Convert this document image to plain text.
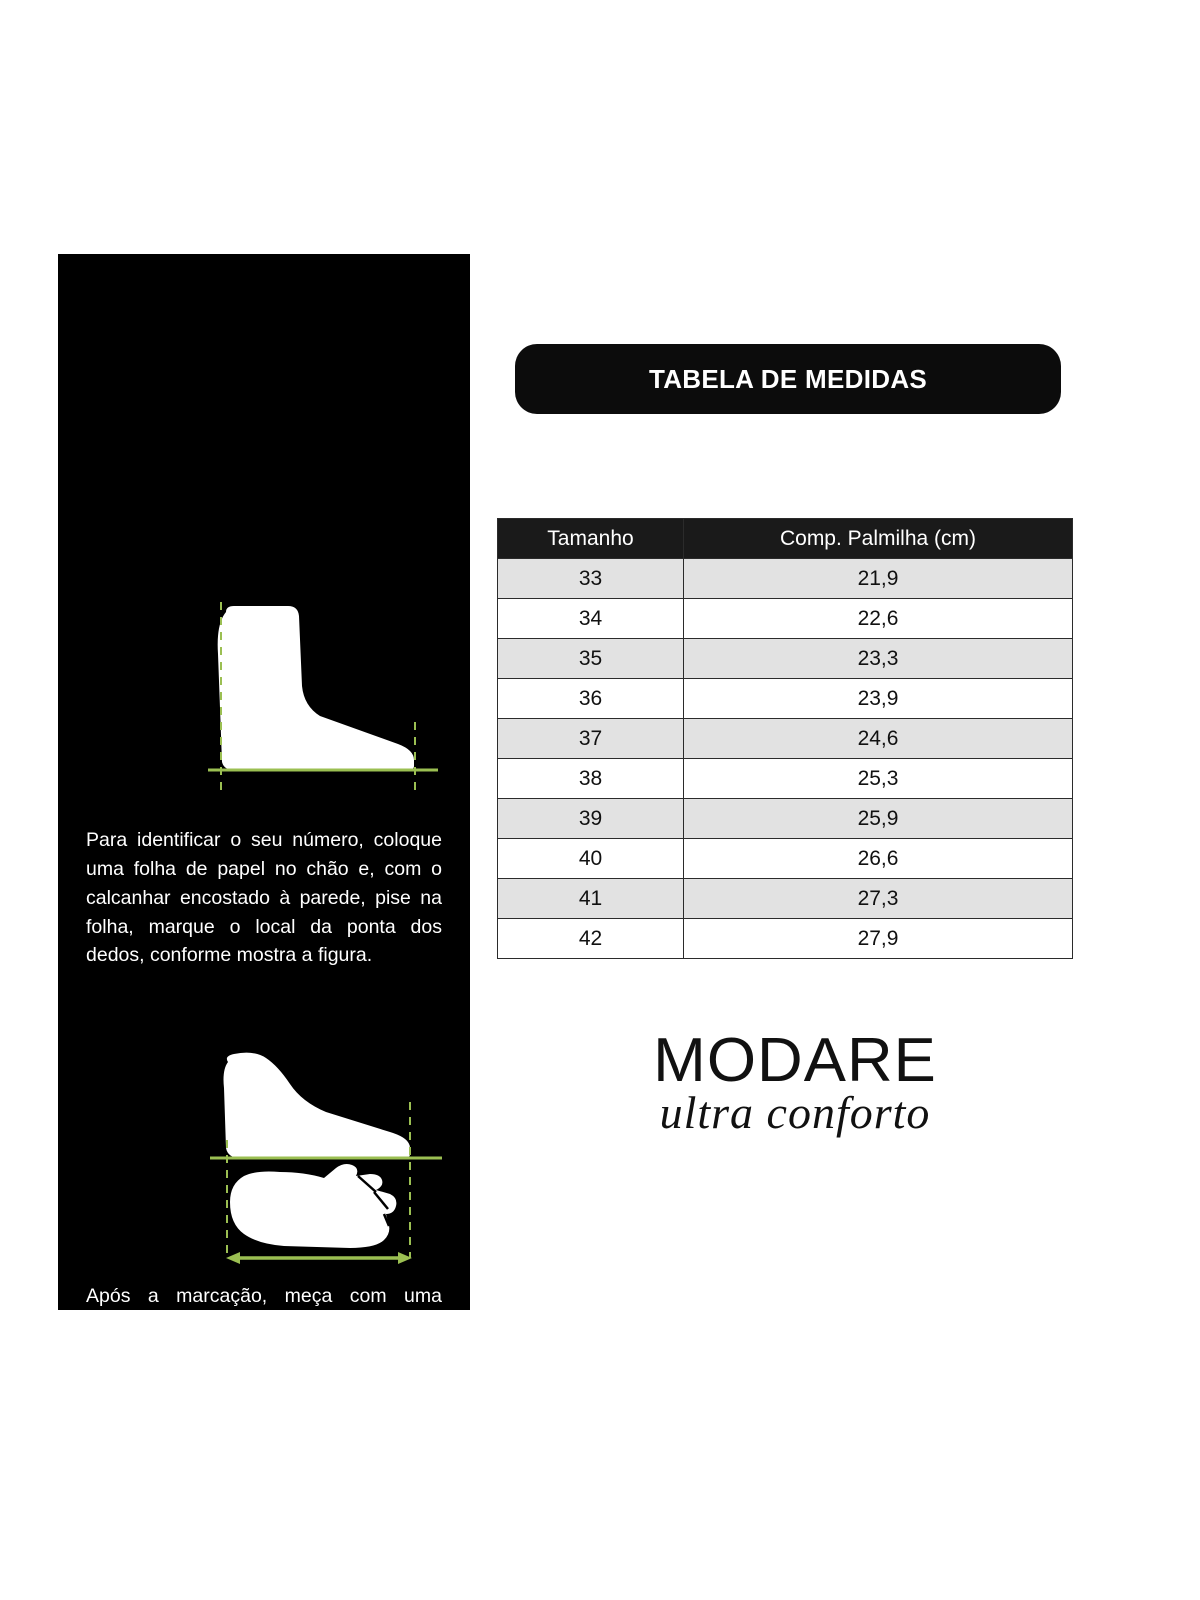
Para identificar o seu número, coloque uma folha de papel no chão e, com o calcanhar encostado à parede, pise na folha, marque o local da ponta dos dedos, conforme mostra a figura.
Após a marcação, meça com uma régua, obtendo em centímetros o tamanho do seu pé. Para um tênis de corrida, recomenda-se uma folga de 1cm para evitar lesão na ponta dos dedos.
TABELA DE MEDIDAS
Tamanho	Comp. Palmilha (cm)
33	21,9
34	22,6
35	23,3
36	23,9
37	24,6
38	25,3
39	25,9
40	26,6
41	27,3
42	27,9
MODARE
ultra conforto
